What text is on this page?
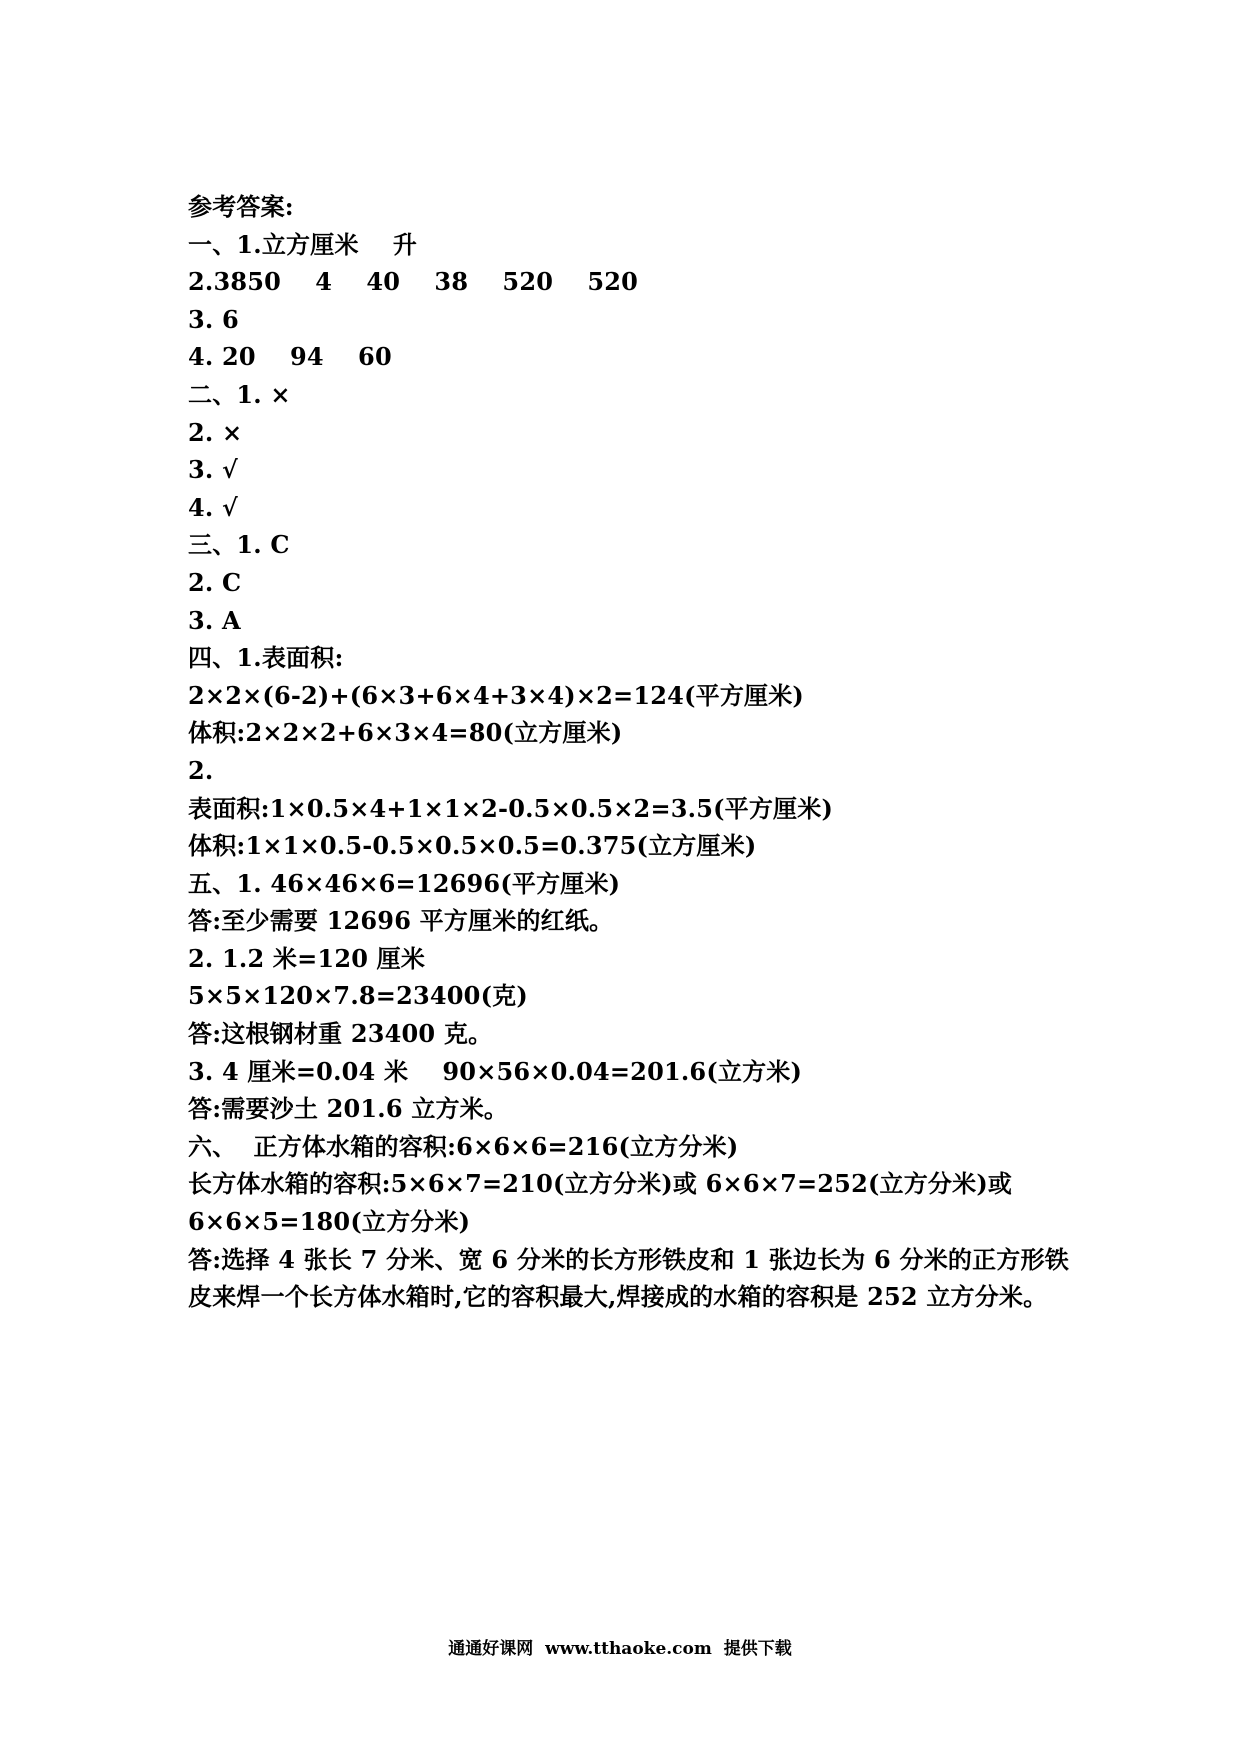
参考答案:
一、1.立方厘米    升
2.3850    4    40    38    520    520
3. 6
4. 20    94    60
二、1. ×
2. ×
3. √
4. √
三、1. C
2. C
3. A
四、1.表面积:
2×2×(6-2)+(6×3+6×4+3×4)×2=124(平方厘米)
体积:2×2×2+6×3×4=80(立方厘米)
2.
表面积:1×0.5×4+1×1×2-0.5×0.5×2=3.5(平方厘米)
体积:1×1×0.5-0.5×0.5×0.5=0.375(立方厘米)
五、1. 46×46×6=12696(平方厘米)
答:至少需要 12696 平方厘米的红纸。
2. 1.2 米=120 厘米
5×5×120×7.8=23400(克)
答:这根钢材重 23400 克。
3. 4 厘米=0.04 米    90×56×0.04=201.6(立方米)
答:需要沙土 201.6 立方米。
六、  正方体水箱的容积:6×6×6=216(立方分米)
长方体水箱的容积:5×6×7=210(立方分米)或 6×6×7=252(立方分米)或
6×6×5=180(立方分米)
答:选择 4 张长 7 分米、宽 6 分米的长方形铁皮和 1 张边长为 6 分米的正方形铁
皮来焊一个长方体水箱时,它的容积最大,焊接成的水箱的容积是 252 立方分米。
通通好课网  www.tthaoke.com  提供下载
